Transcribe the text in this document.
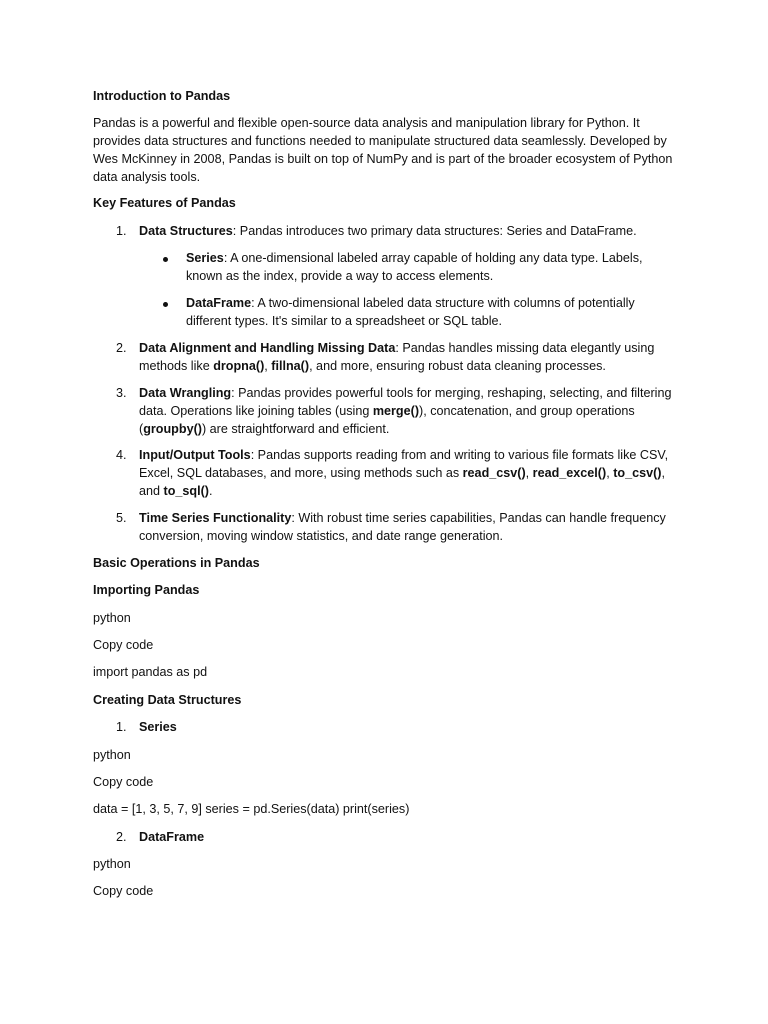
Introduction to Pandas

Pandas is a powerful and flexible open-source data analysis and manipulation library for Python. It provides data structures and functions needed to manipulate structured data seamlessly. Developed by Wes McKinney in 2008, Pandas is built on top of NumPy and is part of the broader ecosystem of Python data analysis tools.

Key Features of Pandas

1. Data Structures: Pandas introduces two primary data structures: Series and DataFrame.
Series: A one-dimensional labeled array capable of holding any data type. Labels, known as the index, provide a way to access elements.
DataFrame: A two-dimensional labeled data structure with columns of potentially different types. It's similar to a spreadsheet or SQL table.
2. Data Alignment and Handling Missing Data: Pandas handles missing data elegantly using methods like dropna(), fillna(), and more, ensuring robust data cleaning processes.
3. Data Wrangling: Pandas provides powerful tools for merging, reshaping, selecting, and filtering data. Operations like joining tables (using merge()), concatenation, and group operations (groupby()) are straightforward and efficient.
4. Input/Output Tools: Pandas supports reading from and writing to various file formats like CSV, Excel, SQL databases, and more, using methods such as read_csv(), read_excel(), to_csv(), and to_sql().
5. Time Series Functionality: With robust time series capabilities, Pandas can handle frequency conversion, moving window statistics, and date range generation.

Basic Operations in Pandas

Importing Pandas

python

Copy code

import pandas as pd

Creating Data Structures

1. Series

python

Copy code

data = [1, 3, 5, 7, 9] series = pd.Series(data) print(series)

2. DataFrame

python

Copy code
